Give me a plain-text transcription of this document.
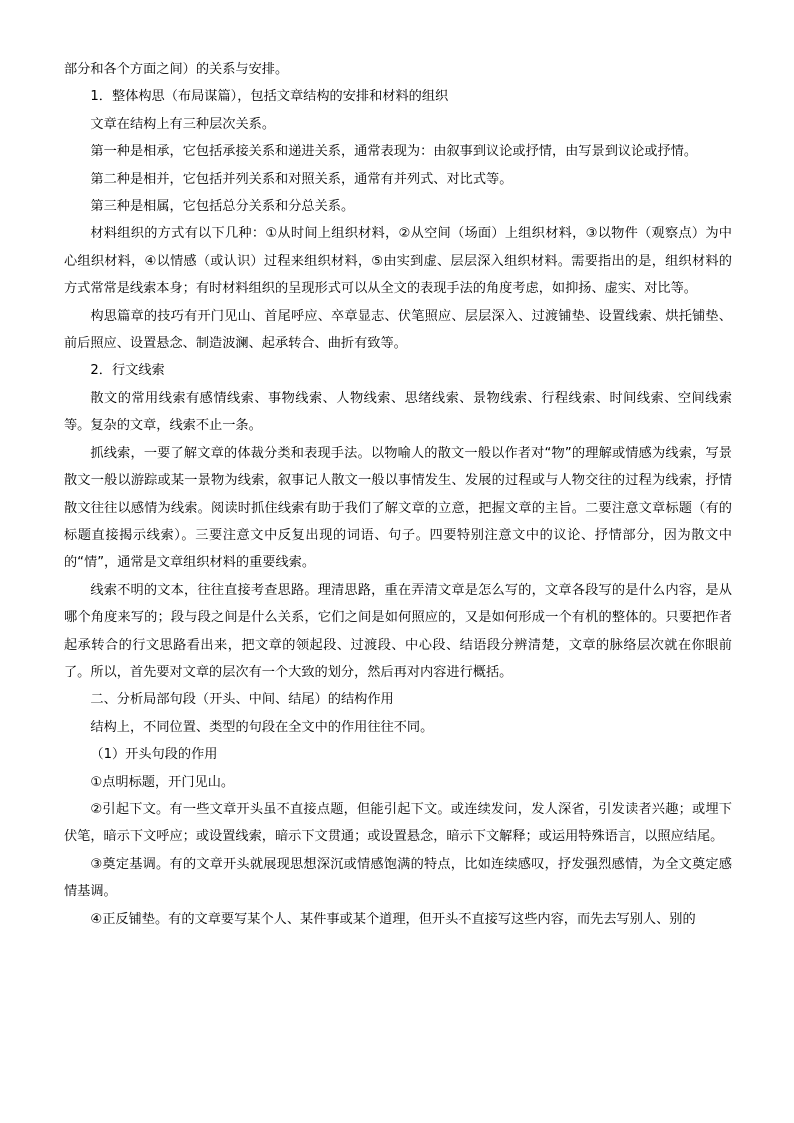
部分和各个方面之间）的关系与安排。

1．整体构思（布局谋篇），包括文章结构的安排和材料的组织

文章在结构上有三种层次关系。

第一种是相承，它包括承接关系和递进关系，通常表现为：由叙事到议论或抒情，由写景到议论或抒情。

第二种是相并，它包括并列关系和对照关系，通常有并列式、对比式等。

第三种是相属，它包括总分关系和分总关系。

材料组织的方式有以下几种：①从时间上组织材料，②从空间（场面）上组织材料，③以物件（观察点）为中心组织材料，④以情感（或认识）过程来组织材料，⑤由实到虚、层层深入组织材料。需要指出的是，组织材料的方式常常是线索本身；有时材料组织的呈现形式可以从全文的表现手法的角度考虑，如抑扬、虚实、对比等。

构思篇章的技巧有开门见山、首尾呼应、卒章显志、伏笔照应、层层深入、过渡铺垫、设置线索、烘托铺垫、前后照应、设置悬念、制造波澜、起承转合、曲折有致等。

2．行文线索

散文的常用线索有感情线索、事物线索、人物线索、思绪线索、景物线索、行程线索、时间线索、空间线索等。复杂的文章，线索不止一条。

抓线索，一要了解文章的体裁分类和表现手法。以物喻人的散文一般以作者对“物”的理解或情感为线索，写景散文一般以游踪或某一景物为线索，叙事记人散文一般以事情发生、发展的过程或与人物交往的过程为线索，抒情散文往往以感情为线索。阅读时抓住线索有助于我们了解文章的立意，把握文章的主旨。二要注意文章标题（有的标题直接揭示线索）。三要注意文中反复出现的词语、句子。四要特别注意文中的议论、抒情部分，因为散文中的“情”，通常是文章组织材料的重要线索。

线索不明的文本，往往直接考查思路。理清思路，重在弄清文章是怎么写的，文章各段写的是什么内容，是从哪个角度来写的；段与段之间是什么关系，它们之间是如何照应的，又是如何形成一个有机的整体的。只要把作者起承转合的行文思路看出来，把文章的领起段、过渡段、中心段、结语段分辨清楚，文章的脉络层次就在你眼前了。所以，首先要对文章的层次有一个大致的划分，然后再对内容进行概括。

二、分析局部句段（开头、中间、结尾）的结构作用

结构上，不同位置、类型的句段在全文中的作用往往不同。

（1）开头句段的作用

①点明标题，开门见山。

②引起下文。有一些文章开头虽不直接点题，但能引起下文。或连续发问，发人深省，引发读者兴趣；或埋下伏笔，暗示下文呼应；或设置线索，暗示下文贯通；或设置悬念，暗示下文解释；或运用特殊语言，以照应结尾。

③奠定基调。有的文章开头就展现思想深沉或情感饱满的特点，比如连续感叹，抒发强烈感情，为全文奠定感情基调。

④正反铺垫。有的文章要写某个人、某件事或某个道理，但开头不直接写这些内容，而先去写别人、别的
